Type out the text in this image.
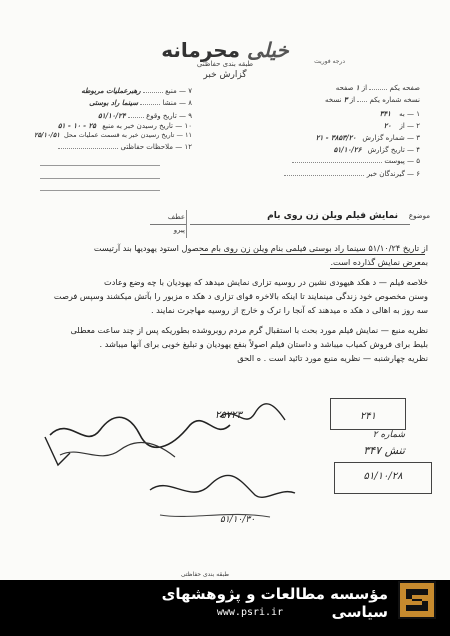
خیلی محرمانه
طبقه بندی حفاظتی
گزارش خبر
درجه فوریت
۷ — منبع  رهبرعملیات مربوطه
۸ — منشا  سینما راد بوستی
۹ — تاریخ وقوع  ۵۱/۱۰/۲۴
۱۰ — تاریخ رسیدن خبر به منبع ۲۵ - ۱۰ - ۵۱
۱۱ — تاریخ رسیدن خبر به قسمت عملیات محل ۲۵/۱۰/۵۱
۱۲ — ملاحظات حفاظتی
صفحه یکم  از ۱ صفحه
نسخه شماره یکم  از ۳ نسخه
۱ — به ۳۴۱
۲ — از ۲۰
۳ — شماره گزارش ۳۸۵۳/۲۰ - ۲۱
۴ — تاریخ گزارش ۵۱/۱۰/۲۶
۵ — پیوست
۶ — گیرندگان خبر
عطف
پیرو
موضوع نمایش فیلم ویلن زن روی بام
از تاریخ ۵۱/۱۰/۲۴ سینما راد بوستی فیلمی بنام ویلن زن روی بام محصول استود یهودیها بند آرتیست
بمعرض نمایش گذارده است.
خلاصه فیلم — د هکد هیهودی نشین در روسیه تزاری نمایش میدهد که یهودیان با چه وضع وعادت
وسنن مخصوص خود زندگی مینمایند تا اینکه بالاخره قوای تزاری د هکد ه مزبور را بآتش میکشند وسپس فرصت
سه روز به اهالی د هکد ه میدهند که آنجا را ترک و خارج از روسیه مهاجرت نمایند .
نظریه منبع — نمایش فیلم مورد بحث با استقبال گرم مردم روبروشده بطوریکه پس از چند ساعت معطلی
بلیط برای فروش کمیاب میباشد و داستان فیلم اصولاً بنفع یهودیان و تبلیغ خوبی برای آنها میباشد .
نظریه چهارشنبه — نظریه منبع مورد تائید است . ه الحق
۲۴۱
شماره ۲
تنش ۳۴۷
۵۱/۱۰/۲۸
۲۵۷۲۳
۵۱/۱۰/۳۰
طبقه بندی حفاظتی
مؤسسه مطالعات و پژوهشهای سیاسی
www.psri.ir
